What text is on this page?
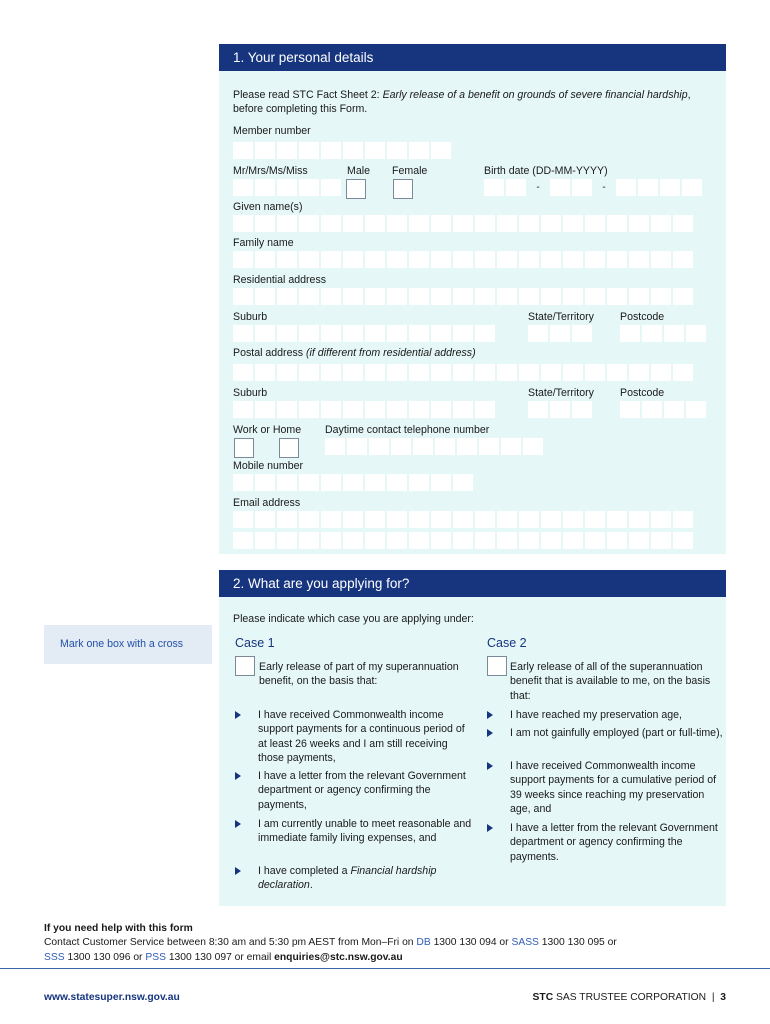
1. Your personal details
Please read STC Fact Sheet 2: Early release of a benefit on grounds of severe financial hardship, before completing this Form.
Member number
Mr/Mrs/Ms/Miss	Male Female	Birth date (DD-MM-YYYY)
-	-
Given name(s)
Family name
Residential address
Suburb	State/Territory Postcode
Postal address (if different from residential address)
Suburb	State/Territory Postcode
Work or Home Daytime contact telephone number
Mobile number
Email address
2. What are you applying for?
Please indicate which case you are applying under:
Case 1
Early release of part of my superannuation benefit, on the basis that:
I have received Commonwealth income support payments for a continuous period of at least 26 weeks and I am still receiving those payments,
I have a letter from the relevant Government department or agency confirming the payments,
I am currently unable to meet reasonable and immediate family living expenses, and
I have completed a Financial hardship declaration.
Case 2
Early release of all of the superannuation benefit that is available to me, on the basis that:
I have reached my preservation age,
I am not gainfully employed (part or full-time),
I have received Commonwealth income support payments for a cumulative period of 39 weeks since reaching my preservation age, and
I have a letter from the relevant Government department or agency confirming the payments.
Mark one box with a cross
If you need help with this form
Contact Customer Service between 8:30 am and 5:30 pm AEST from Mon–Fri on DB 1300 130 094 or SASS 1300 130 095 or
SSS 1300 130 096 or PSS 1300 130 097 or email enquiries@stc.nsw.gov.au
www.statesuper.nsw.gov.au	STC SAS TRUSTEE CORPORATION | 3
